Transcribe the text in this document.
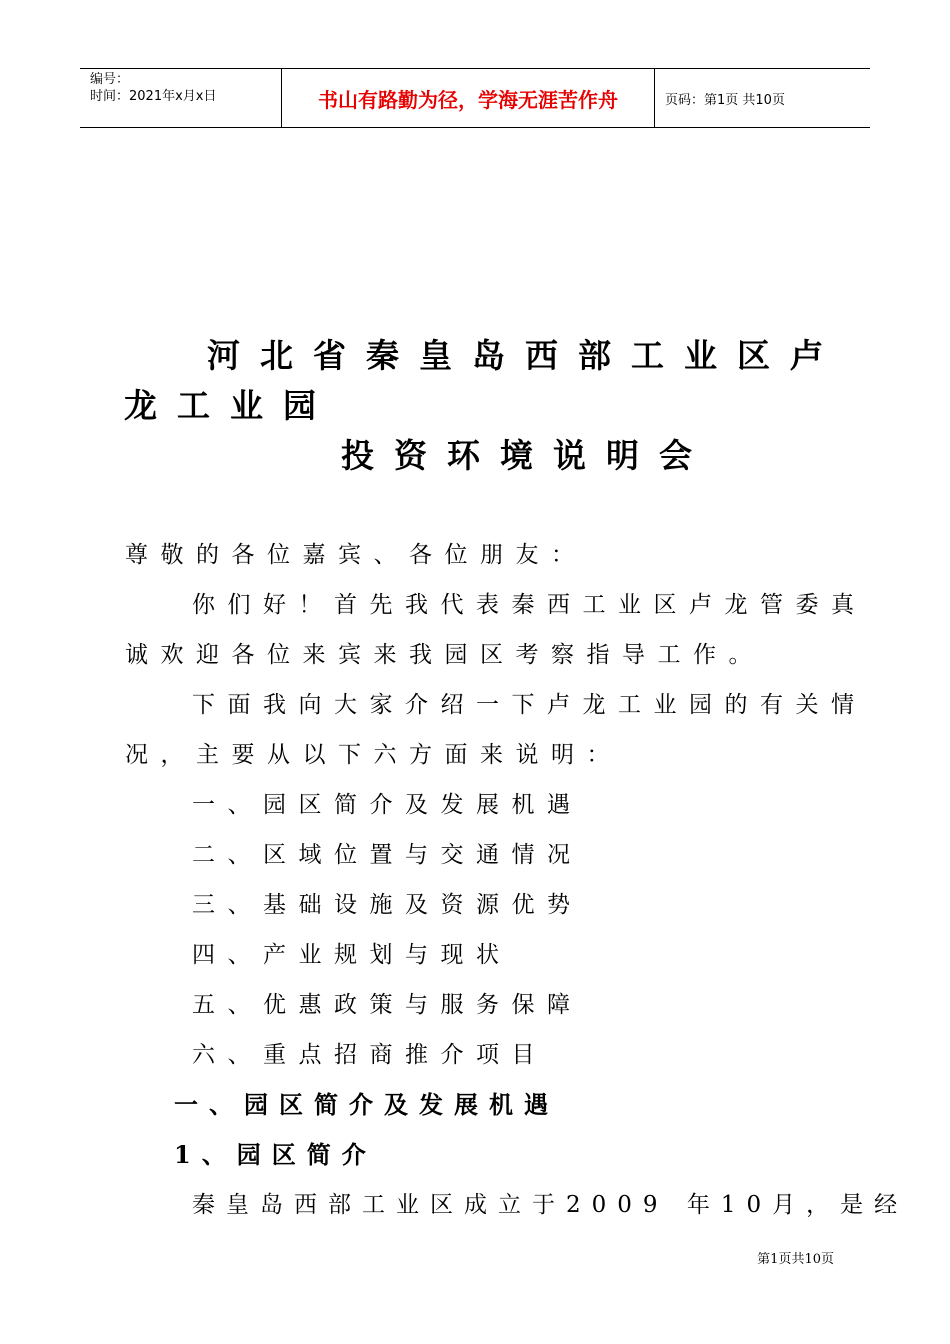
编号：
时间：2021年x月x日	书山有路勤为径，学海无涯苦作舟	页码：第1页 共10页
河北省秦皇岛西部工业区卢
龙工业园
投资环境说明会
尊敬的各位嘉宾、各位朋友：
你们好！首先我代表秦西工业区卢龙管委真
诚欢迎各位来宾来我园区考察指导工作。
下面我向大家介绍一下卢龙工业园的有关情
况，主要从以下六方面来说明：
一、园区简介及发展机遇
二、区域位置与交通情况
三、基础设施及资源优势
四、产业规划与现状
五、优惠政策与服务保障
六、重点招商推介项目
一、园区简介及发展机遇
1、园区简介
秦皇岛西部工业区成立于2009 年10月，是经
第1页共10页
